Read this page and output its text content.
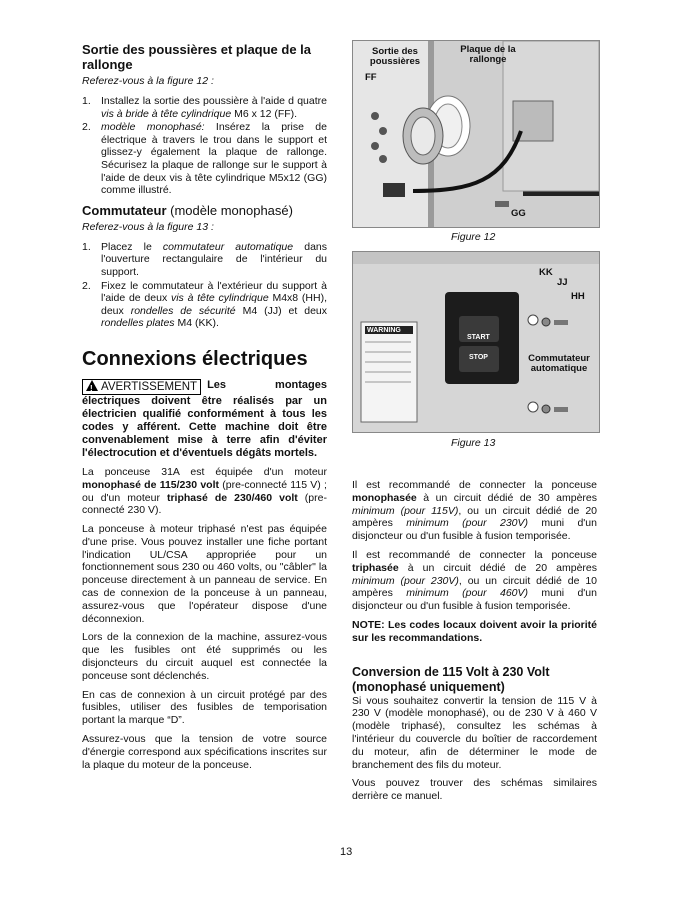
Sortie des poussières et plaque de la rallonge
Referez-vous à la figure 12 :
1. Installez la sortie des poussière à l'aide d quatre vis à bride à tête cylindrique M6 x 12 (FF).
2. modèle monophasé: Insérez la prise de électrique à travers le trou dans le support et glissez-y également la plaque de rallonge. Sécurisez la plaque de rallonge sur le support à l'aide de deux vis à tête cylindrique M5x12 (GG) comme illustré.
Commutateur (modèle monophasé)
Referez-vous à la figure 13 :
1. Placez le commutateur automatique dans l'ouverture rectangulaire de l'intérieur du support.
2. Fixez le commutateur à l'extérieur du support à l'aide de deux vis à tête cylindrique M4x8 (HH), deux rondelles de sécurité M4 (JJ) et deux rondelles plates M4 (KK).
Connexions électriques

! AVERTISSEMENT Les montages électriques doivent être réalisés par un électricien qualifié conformément à tous les codes y afférent. Cette machine doit être convenablement mise à terre afin d'éviter l'électrocution et d'éventuels dégâts mortels.

La ponceuse 31A est équipée d'un moteur monophasé de 115/230 volt (pre-connecté 115 V) ; ou d'un moteur triphasé de 230/460 volt (pre-connecté 230 V).

La ponceuse à moteur triphasé n'est pas équipée d'une prise. Vous pouvez installer une fiche portant l'indication UL/CSA appropriée pour un fonctionnement sous 230 ou 460 volts, ou "câbler" la ponceuse directement à un panneau de service. En cas de connexion de la ponceuse à un panneau, assurez-vous que l'opérateur dispose d'une déconnexion.

Lors de la connexion de la machine, assurez-vous que les fusibles ont été supprimés ou les disjoncteurs du circuit auquel est connectée la ponceuse sont déclenchés.

En cas de connexion à un circuit protégé par des fusibles, utiliser des fusibles de temporisation portant la marque “D”.

Assurez-vous que la tension de votre source d'énergie correspond aux spécifications inscrites sur la plaque du moteur de la ponceuse.

Sortie des poussières
Plaque de la rallonge
FF
GG
Figure 12
KK
JJ
HH
Commutateur automatique
WARNING
START
STOP
Figure 13

Il est recommandé de connecter la ponceuse monophasée à un circuit dédié de 30 ampères minimum (pour 115V), ou un circuit dédié de 20 ampères minimum (pour 230V) muni d'un disjoncteur ou d'un fusible à fusion temporisée.

Il est recommandé de connecter la ponceuse triphasée à un circuit dédié de 20 ampères minimum (pour 230V), ou un circuit dédié de 10 ampères minimum (pour 460V) muni d'un disjoncteur ou d'un fusible à fusion temporisée.

NOTE: Les codes locaux doivent avoir la priorité sur les recommandations.

Conversion de 115 Volt à 230 Volt (monophasé uniquement)

Si vous souhaitez convertir la tension de 115 V à 230 V (modèle monophasé), ou de 230 V à 460 V (modèle triphasé), consultez les schémas à l'intérieur du couvercle du boîtier de raccordement du moteur, afin de déterminer le mode de branchement des fils du moteur.

Vous pouvez trouver des schémas similaires derrière ce manuel.

13
